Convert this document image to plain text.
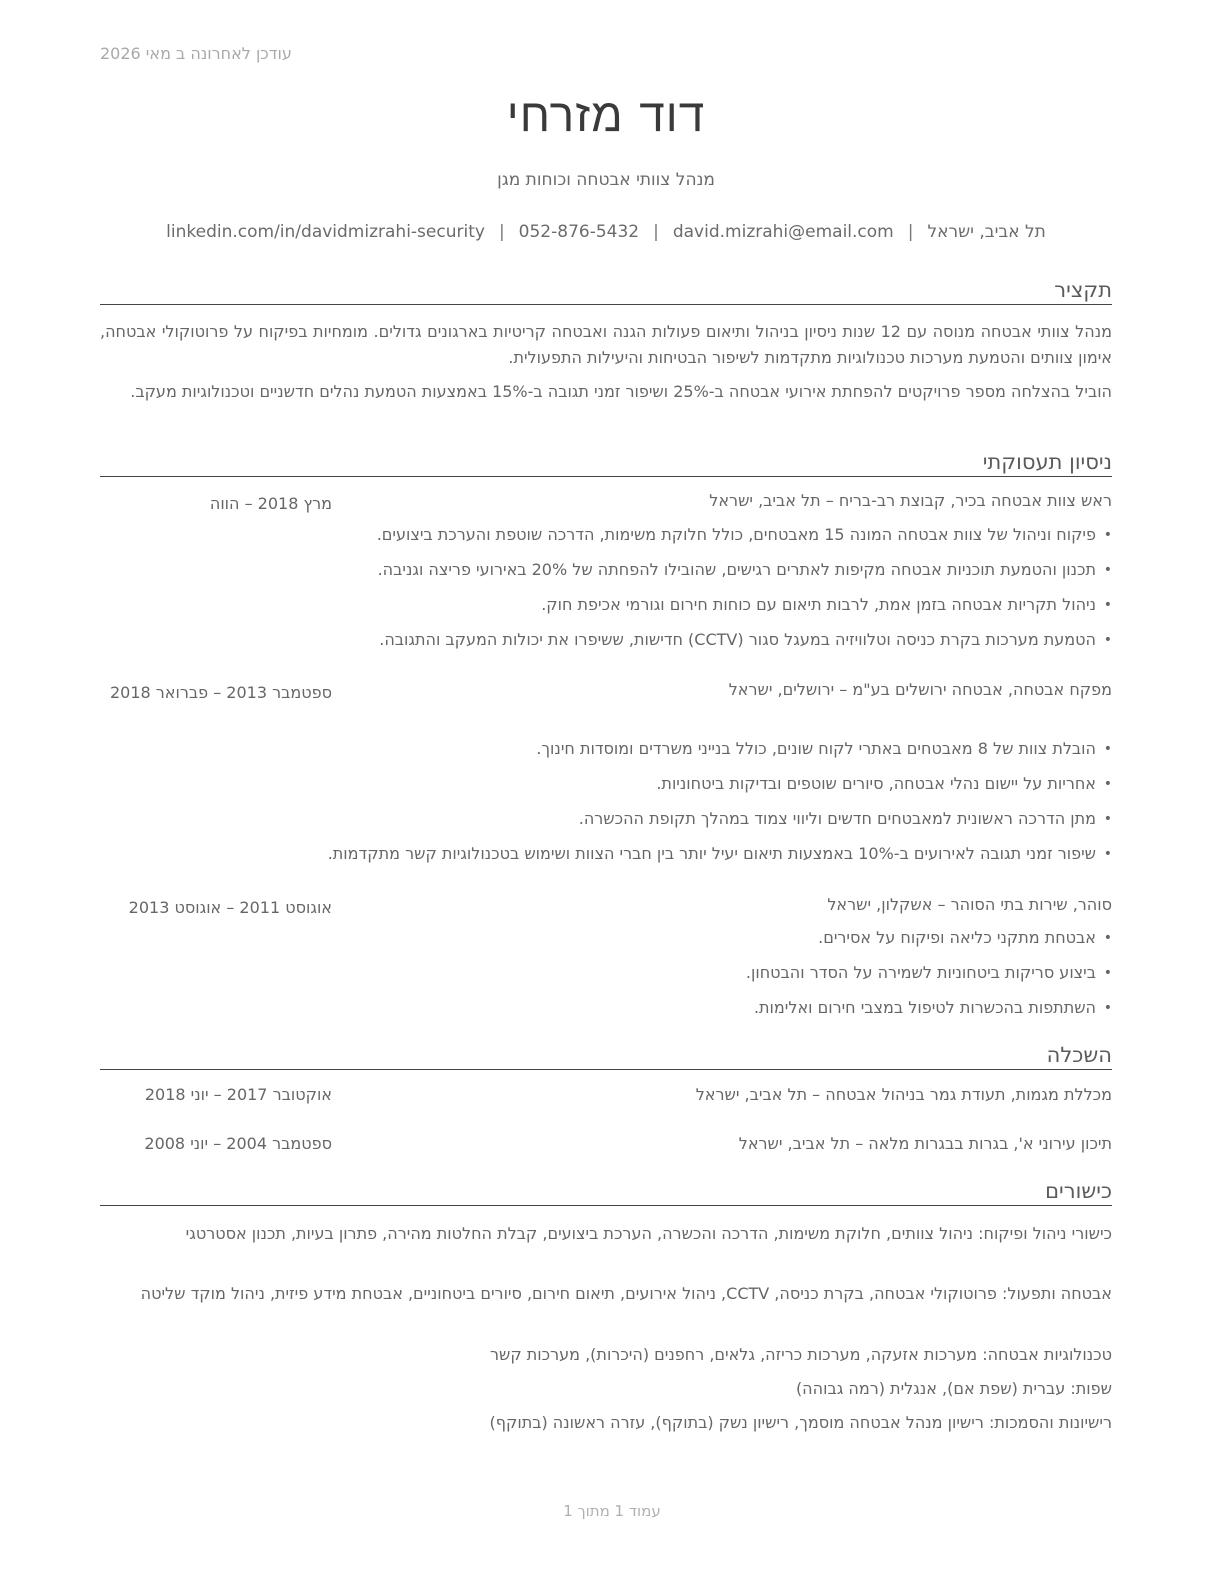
עודכן לאחרונה ב מאי 2026
דוד מזרחי
מנהל צוותי אבטחה וכוחות מגן
תל אביב, ישראל|david.mizrahi@email.com|052-876-5432|linkedin.com/in/davidmizrahi-security
תקציר
מנהל צוותי אבטחה מנוסה עם 12 שנות ניסיון בניהול ותיאום פעולות הגנה ואבטחה קריטיות בארגונים גדולים. מומחיות בפיקוח על פרוטוקולי אבטחה, אימון צוותים והטמעת מערכות טכנולוגיות מתקדמות לשיפור הבטיחות והיעילות התפעולית.
הוביל בהצלחה מספר פרויקטים להפחתת אירועי אבטחה ב-25% ושיפור זמני תגובה ב-15% באמצעות הטמעת נהלים חדשניים וטכנולוגיות מעקב.
ניסיון תעסוקתי
ראש צוות אבטחה בכיר, קבוצת רב-בריח – תל אביב, ישראל
מרץ 2018 – הווה
• פיקוח וניהול של צוות אבטחה המונה 15 מאבטחים, כולל חלוקת משימות, הדרכה שוטפת והערכת ביצועים.
• תכנון והטמעת תוכניות אבטחה מקיפות לאתרים רגישים, שהובילו להפחתה של 20% באירועי פריצה וגניבה.
• ניהול תקריות אבטחה בזמן אמת, לרבות תיאום עם כוחות חירום וגורמי אכיפת חוק.
• הטמעת מערכות בקרת כניסה וטלוויזיה במעגל סגור (CCTV) חדישות, ששיפרו את יכולות המעקב והתגובה.
מפקח אבטחה, אבטחה ירושלים בע"מ – ירושלים, ישראל
ספטמבר 2013 – פברואר 2018
• הובלת צוות של 8 מאבטחים באתרי לקוח שונים, כולל בנייני משרדים ומוסדות חינוך.
• אחריות על יישום נהלי אבטחה, סיורים שוטפים ובדיקות ביטחוניות.
• מתן הדרכה ראשונית למאבטחים חדשים וליווי צמוד במהלך תקופת ההכשרה.
• שיפור זמני תגובה לאירועים ב-10% באמצעות תיאום יעיל יותר בין חברי הצוות ושימוש בטכנולוגיות קשר מתקדמות.
סוהר, שירות בתי הסוהר – אשקלון, ישראל
אוגוסט 2011 – אוגוסט 2013
• אבטחת מתקני כליאה ופיקוח על אסירים.
• ביצוע סריקות ביטחוניות לשמירה על הסדר והבטחון.
• השתתפות בהכשרות לטיפול במצבי חירום ואלימות.
השכלה
מכללת מגמות, תעודת גמר בניהול אבטחה – תל אביב, ישראל
אוקטובר 2017 – יוני 2018
תיכון עירוני א', בגרות בבגרות מלאה – תל אביב, ישראל
ספטמבר 2004 – יוני 2008
כישורים
כישורי ניהול ופיקוח: ניהול צוותים, חלוקת משימות, הדרכה והכשרה, הערכת ביצועים, קבלת החלטות מהירה, פתרון בעיות, תכנון אסטרטגי
אבטחה ותפעול: פרוטוקולי אבטחה, בקרת כניסה, CCTV, ניהול אירועים, תיאום חירום, סיורים ביטחוניים, אבטחת מידע פיזית, ניהול מוקד שליטה
טכנולוגיות אבטחה: מערכות אזעקה, מערכות כריזה, גלאים, רחפנים (היכרות), מערכות קשר
שפות: עברית (שפת אם), אנגלית (רמה גבוהה)
רישיונות והסמכות: רישיון מנהל אבטחה מוסמך, רישיון נשק (בתוקף), עזרה ראשונה (בתוקף)
עמוד 1 מתוך 1
